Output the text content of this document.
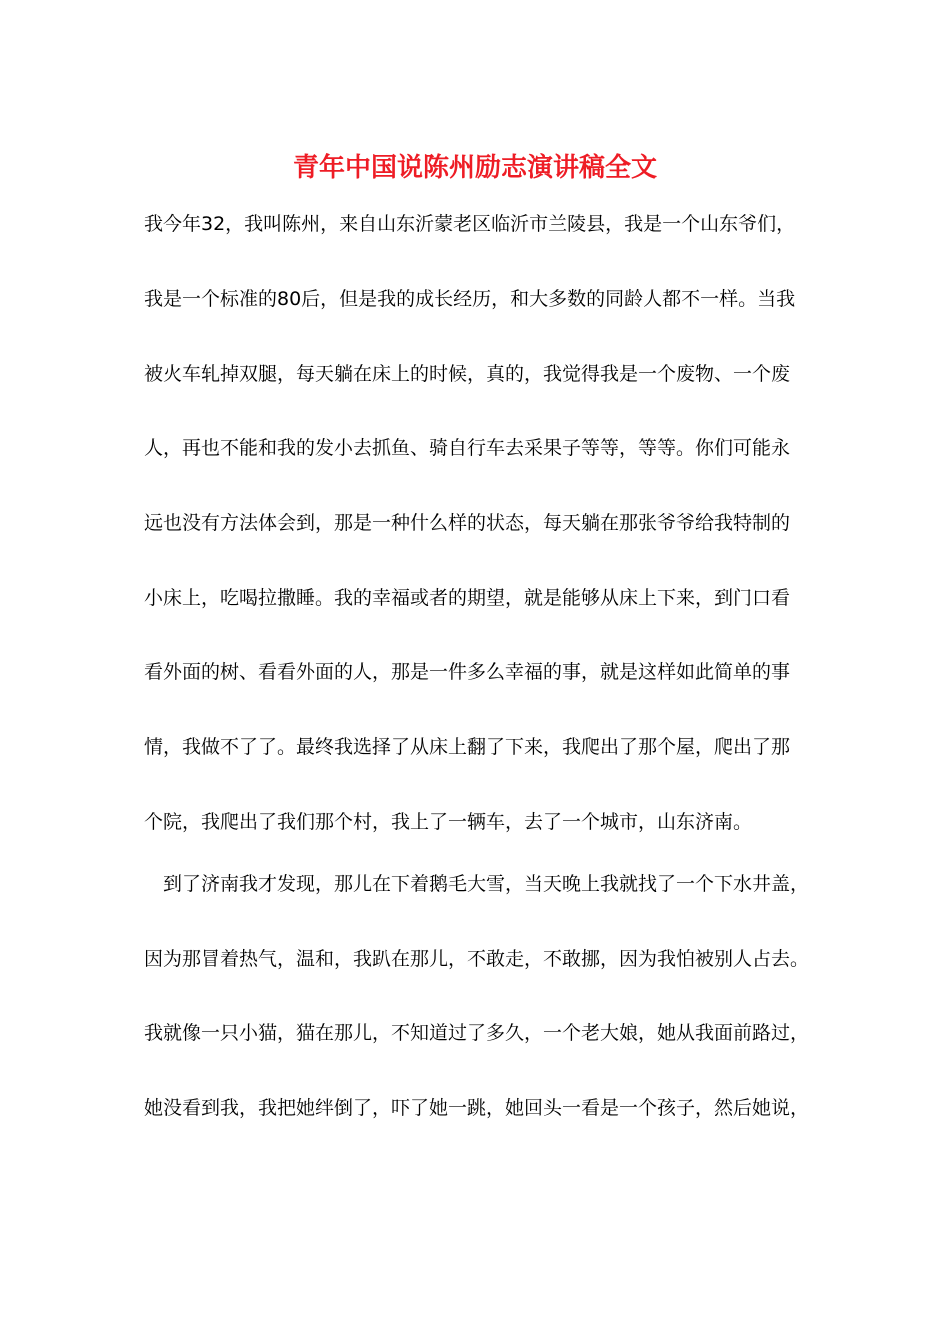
青年中国说陈州励志演讲稿全文

我今年32，我叫陈州，来自山东沂蒙老区临沂市兰陵县，我是一个山东爷们，

我是一个标准的80后，但是我的成长经历，和大多数的同龄人都不一样。当我

被火车轧掉双腿，每天躺在床上的时候，真的，我觉得我是一个废物、一个废

人，再也不能和我的发小去抓鱼、骑自行车去采果子等等，等等。你们可能永

远也没有方法体会到，那是一种什么样的状态，每天躺在那张爷爷给我特制的

小床上，吃喝拉撒睡。我的幸福或者的期望，就是能够从床上下来，到门口看

看外面的树、看看外面的人，那是一件多么幸福的事，就是这样如此简单的事

情，我做不了了。最终我选择了从床上翻了下来，我爬出了那个屋，爬出了那

个院，我爬出了我们那个村，我上了一辆车，去了一个城市，山东济南。

到了济南我才发现，那儿在下着鹅毛大雪，当天晚上我就找了一个下水井盖，

因为那冒着热气，温和，我趴在那儿，不敢走，不敢挪，因为我怕被别人占去。

我就像一只小猫，猫在那儿，不知道过了多久，一个老大娘，她从我面前路过，

她没看到我，我把她绊倒了，吓了她一跳，她回头一看是一个孩子，然后她说，
